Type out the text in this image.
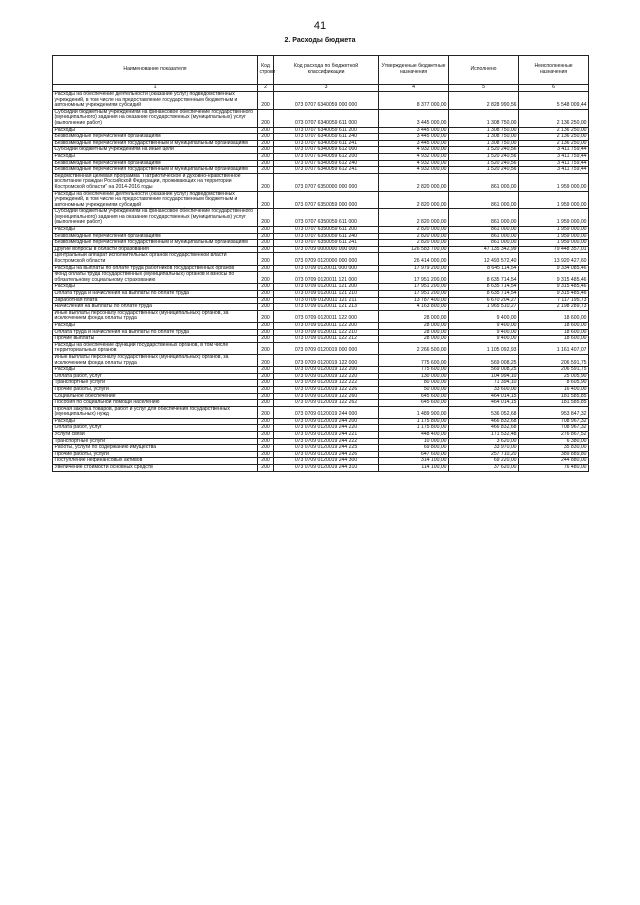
41
2. Расходы бюджета
Наименование показателя	Код строки	Код расхода по бюджетной классификации	Утвержденные бюджетные назначения	Исполнено	Неисполненные назначения
1	2	3	4	5	6
Расходы на обеспечение деятельности (оказание услуг) подведомственных учреждений, в том числе на предоставление государственным бюджетным и автономным учреждениям субсидий	200	073 0707 6340059 000 000	8 377 000,00	2 828 990,56	5 548 009,44
Субсидии бюджетным учреждениям на финансовое обеспечение государственного (муниципального) задания на оказание государственных (муниципальных) услуг (выполнение работ)	200	073 0707 6340059 611 000	3 445 000,00	1 308 750,00	2 136 250,00
Расходы	200	073 0707 6340059 611 200	3 445 000,00	1 308 750,00	2 136 250,00
Безвозмездные перечисления организациям	200	073 0707 6340059 611 240	3 445 000,00	1 308 750,00	2 136 250,00
Безвозмездные перечисления государственным и муниципальным организациям	200	073 0707 6340059 611 241	3 445 000,00	1 308 750,00	2 136 250,00
Субсидии бюджетным учреждениям на иные цели	200	073 0707 6340059 612 000	4 932 000,00	1 520 240,56	3 411 759,44
Расходы	200	073 0707 6340059 612 200	4 932 000,00	1 520 240,56	3 411 759,44
Безвозмездные перечисления организациям	200	073 0707 6340059 612 240	4 932 000,00	1 520 240,56	3 411 759,44
Безвозмездные перечисления государственным и муниципальным организациям	200	073 0707 6340059 612 241	4 932 000,00	1 520 240,56	3 411 759,44
Ведомственная целевая программа "Патриотическое и духовно-нравственное воспитание граждан Российской Федерации, проживающих на территории Костромской области" на 2014-2016 годы	200	073 0707 6350000 000 000	2 820 000,00	861 000,00	1 959 000,00
Расходы на обеспечение деятельности (оказание услуг) подведомственных учреждений, в том числе на предоставление государственным бюджетным и автономным учреждениям субсидий	200	073 0707 6350059 000 000	2 820 000,00	861 000,00	1 959 000,00
Субсидии бюджетным учреждениям на финансовое обеспечение государственного (муниципального) задания на оказание государственных (муниципальных) услуг (выполнение работ)	200	073 0707 6350059 611 000	2 820 000,00	861 000,00	1 959 000,00
Расходы	200	073 0707 6350059 611 200	2 820 000,00	861 000,00	1 959 000,00
Безвозмездные перечисления организациям	200	073 0707 6350059 611 240	2 820 000,00	861 000,00	1 959 000,00
Безвозмездные перечисления государственным и муниципальным организациям	200	073 0707 6350059 611 241	2 820 000,00	861 000,00	1 959 000,00
Другие вопросы в области образования	200	073 0709 0000000 000 000	126 583 700,00	47 135 342,99	79 448 357,01
Центральный аппарат исполнительных органов государственной власти Костромской области	200	073 0709 0120000 000 000	26 414 000,00	12 493 572,40	13 920 427,60
Расходы на выплаты по оплате труда работников государственных органов	200	073 0709 0120011 000 000	17 979 200,00	8 645 114,54	9 334 085,46
Фонд оплаты труда государственных (муниципальных) органов и взносы по обязательному социальному страхованию	200	073 0709 0120011 121 000	17 951 200,00	8 635 714,54	9 315 485,46
Расходы	200	073 0709 0120011 121 200	17 951 200,00	8 635 714,54	9 315 485,46
Оплата труда и начисления на выплаты по оплате труда	200	073 0709 0120011 121 210	17 951 200,00	8 635 714,54	9 315 485,46
Заработная плата	200	073 0709 0120011 121 211	13 787 400,00	6 670 204,27	7 117 195,73
Начисления на выплаты по оплате труда	200	073 0709 0120011 121 213	4 163 800,00	1 965 510,27	2 198 289,73
Иные выплаты персоналу государственных (муниципальных) органов, за исключением фонда оплаты труда	200	073 0709 0120011 122 000	28 000,00	9 400,00	18 600,00
Расходы	200	073 0709 0120011 122 200	28 000,00	9 400,00	18 600,00
Оплата труда и начисления на выплаты по оплате труда	200	073 0709 0120011 122 210	28 000,00	9 400,00	18 600,00
Прочие выплаты	200	073 0709 0120011 122 212	28 000,00	9 400,00	18 600,00
Расходы на обеспечение функций государственных органов, в том числе территориальных органов	200	073 0709 0120019 000 000	2 266 500,00	1 105 092,93	1 161 407,07
Иные выплаты персоналу государственных (муниципальных) органов, за исключением фонда оплаты труда	200	073 0709 0120019 122 000	775 600,00	569 008,25	206 591,75
Расходы	200	073 0709 0120019 122 200	775 600,00	569 008,25	206 591,75
Оплата работ, услуг	200	073 0709 0120019 122 220	130 000,00	104 994,10	25 005,90
Транспортные услуги	200	073 0709 0120019 122 222	80 000,00	71 394,10	8 605,90
Прочие работы, услуги	200	073 0709 0120019 122 226	50 000,00	33 600,00	16 400,00
Социальное обеспечение	200	073 0709 0120019 122 260	645 600,00	464 014,15	181 585,85
Пособия по социальной помощи населению	200	073 0709 0120019 122 262	645 600,00	464 014,15	181 585,85
Прочая закупка товаров, работ и услуг для обеспечения государственных (муниципальных) нужд	200	073 0709 0120019 244 000	1 489 900,00	536 052,68	953 847,32
Расходы	200	073 0709 0120019 244 200	1 175 800,00	466 832,68	708 967,32
Оплата работ, услуг	200	073 0709 0120019 244 220	1 175 800,00	466 832,68	708 967,32
Услуги связи	200	073 0709 0120019 244 221	448 400,00	171 532,48	276 867,52
Транспортные услуги	200	073 0709 0120019 244 222	10 000,00	3 620,00	6 380,00
Работы, услуги по содержанию имущества	200	073 0709 0120019 244 225	69 800,00	33 970,00	35 830,00
Прочие работы, услуги	200	073 0709 0120019 244 226	647 600,00	257 710,20	389 889,80
Поступление нефинансовых активов	200	073 0709 0120019 244 300	314 100,00	69 220,00	244 880,00
Увеличение стоимости основных средств	200	073 0709 0120019 244 310	114 100,00	37 620,00	76 480,00
